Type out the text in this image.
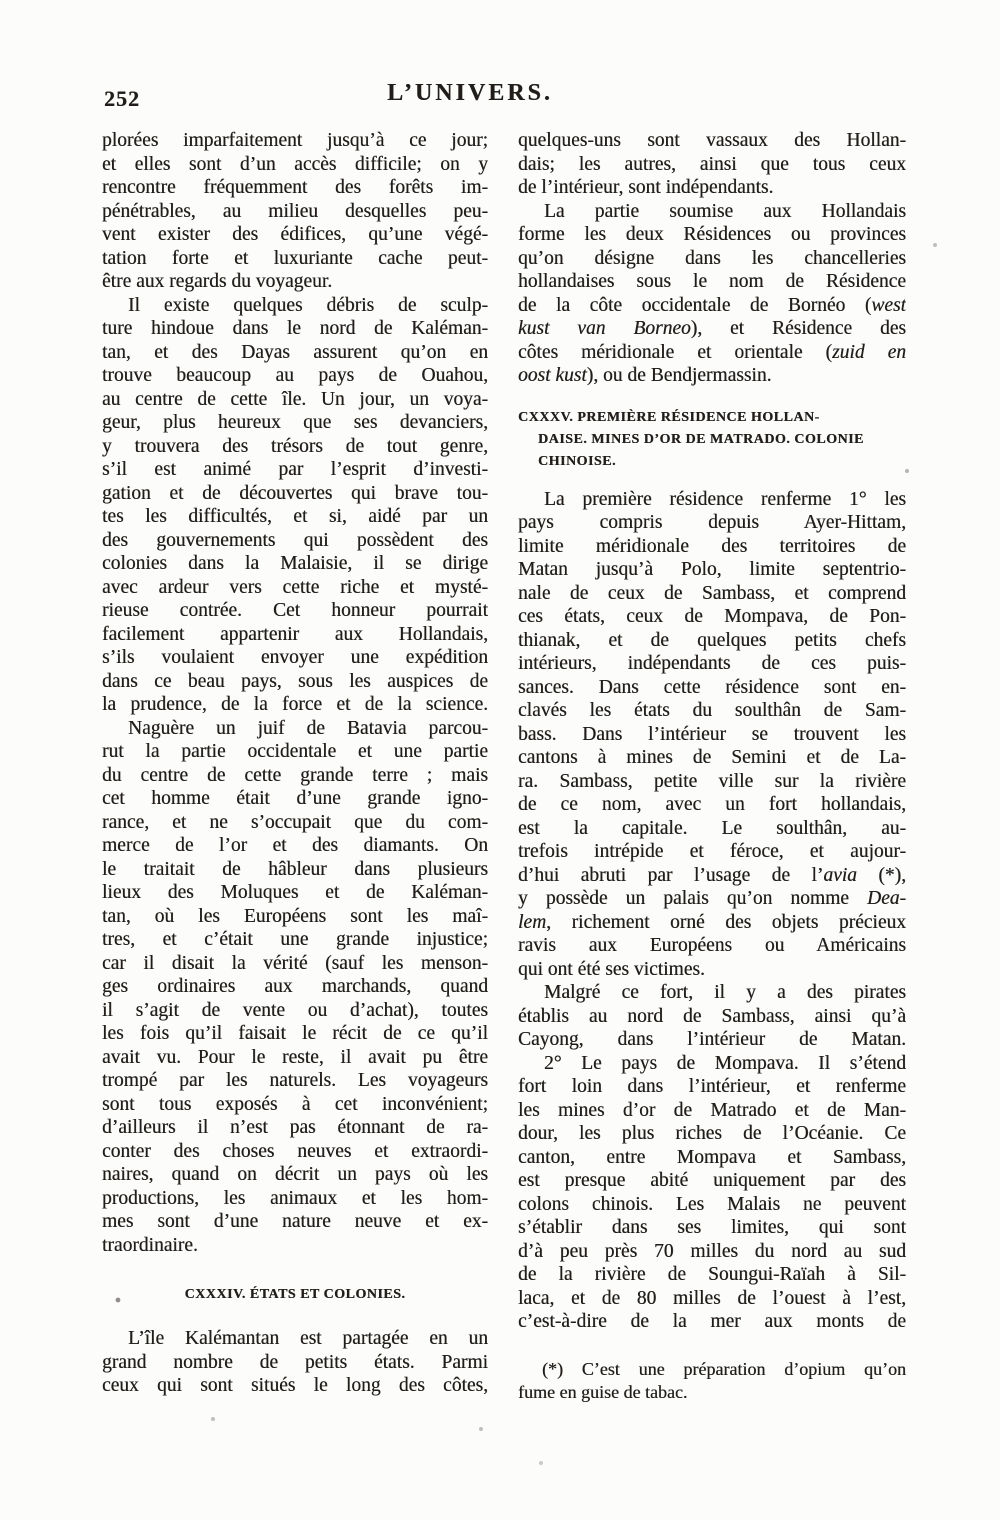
252	L’UNIVERS.
plorées imparfaitement jusqu’à ce jour;
et elles sont d’un accès difficile; on y
rencontre fréquemment des forêts im-
pénétrables, au milieu desquelles peu-
vent exister des édifices, qu’une végé-
tation forte et luxuriante cache peut-
être aux regards du voyageur.
Il existe quelques débris de sculp-
ture hindoue dans le nord de Kaléman-
tan, et des Dayas assurent qu’on en
trouve beaucoup au pays de Ouahou,
au centre de cette île. Un jour, un voya-
geur, plus heureux que ses devanciers,
y trouvera des trésors de tout genre,
s’il est animé par l’esprit d’investi-
gation et de découvertes qui brave tou-
tes les difficultés, et si, aidé par un
des gouvernements qui possèdent des
colonies dans la Malaisie, il se dirige
avec ardeur vers cette riche et mysté-
rieuse contrée. Cet honneur pourrait
facilement appartenir aux Hollandais,
s’ils voulaient envoyer une expédition
dans ce beau pays, sous les auspices de
la prudence, de la force et de la science.
Naguère un juif de Batavia parcou-
rut la partie occidentale et une partie
du centre de cette grande terre ; mais
cet homme était d’une grande igno-
rance, et ne s’occupait que du com-
merce de l’or et des diamants. On
le traitait de hâbleur dans plusieurs
lieux des Moluques et de Kaléman-
tan, où les Européens sont les maî-
tres, et c’était une grande injustice;
car il disait la vérité (sauf les menson-
ges ordinaires aux marchands, quand
il s’agit de vente ou d’achat), toutes
les fois qu’il faisait le récit de ce qu’il
avait vu. Pour le reste, il avait pu être
trompé par les naturels. Les voyageurs
sont tous exposés à cet inconvénient;
d’ailleurs il n’est pas étonnant de ra-
conter des choses neuves et extraordi-
naires, quand on décrit un pays où les
productions, les animaux et les hom-
mes sont d’une nature neuve et ex-
traordinaire.
CXXXIV. ÉTATS ET COLONIES.
L’île Kalémantan est partagée en un
grand nombre de petits états. Parmi
ceux qui sont situés le long des côtes,
quelques-uns sont vassaux des Hollan-
dais; les autres, ainsi que tous ceux
de l’intérieur, sont indépendants.
La partie soumise aux Hollandais
forme les deux Résidences ou provinces
qu’on désigne dans les chancelleries
hollandaises sous le nom de Résidence
de la côte occidentale de Bornéo (west
kust van Borneo), et Résidence des
côtes méridionale et orientale (zuid en
oost kust), ou de Bendjermassin.
CXXXV. PREMIÈRE RÉSIDENCE HOLLAN-
DAISE. MINES D’OR DE MATRADO. COLONIE
CHINOISE.
La première résidence renferme 1° les
pays compris depuis Ayer-Hittam,
limite méridionale des territoires de
Matan jusqu’à Polo, limite septentrio-
nale de ceux de Sambass, et comprend
ces états, ceux de Mompava, de Pon-
thianak, et de quelques petits chefs
intérieurs, indépendants de ces puis-
sances. Dans cette résidence sont en-
clavés les états du soulthân de Sam-
bass. Dans l’intérieur se trouvent les
cantons à mines de Semini et de La-
ra. Sambass, petite ville sur la rivière
de ce nom, avec un fort hollandais,
est la capitale. Le soulthân, au-
trefois intrépide et féroce, et aujour-
d’hui abruti par l’usage de l’avia (*),
y possède un palais qu’on nomme Dea-
lem, richement orné des objets précieux
ravis aux Européens ou Américains
qui ont été ses victimes.
Malgré ce fort, il y a des pirates
établis au nord de Sambass, ainsi qu’à
Cayong, dans l’intérieur de Matan.
2° Le pays de Mompava. Il s’étend
fort loin dans l’intérieur, et renferme
les mines d’or de Matrado et de Man-
dour, les plus riches de l’Océanie. Ce
canton, entre Mompava et Sambass,
est presque abité uniquement par des
colons chinois. Les Malais ne peuvent
s’établir dans ses limites, qui sont
d’à peu près 70 milles du nord au sud
de la rivière de Soungui-Raïah à Sil-
laca, et de 80 milles de l’ouest à l’est,
c’est-à-dire de la mer aux monts de
(*) C’est une préparation d’opium qu’on
fume en guise de tabac.
